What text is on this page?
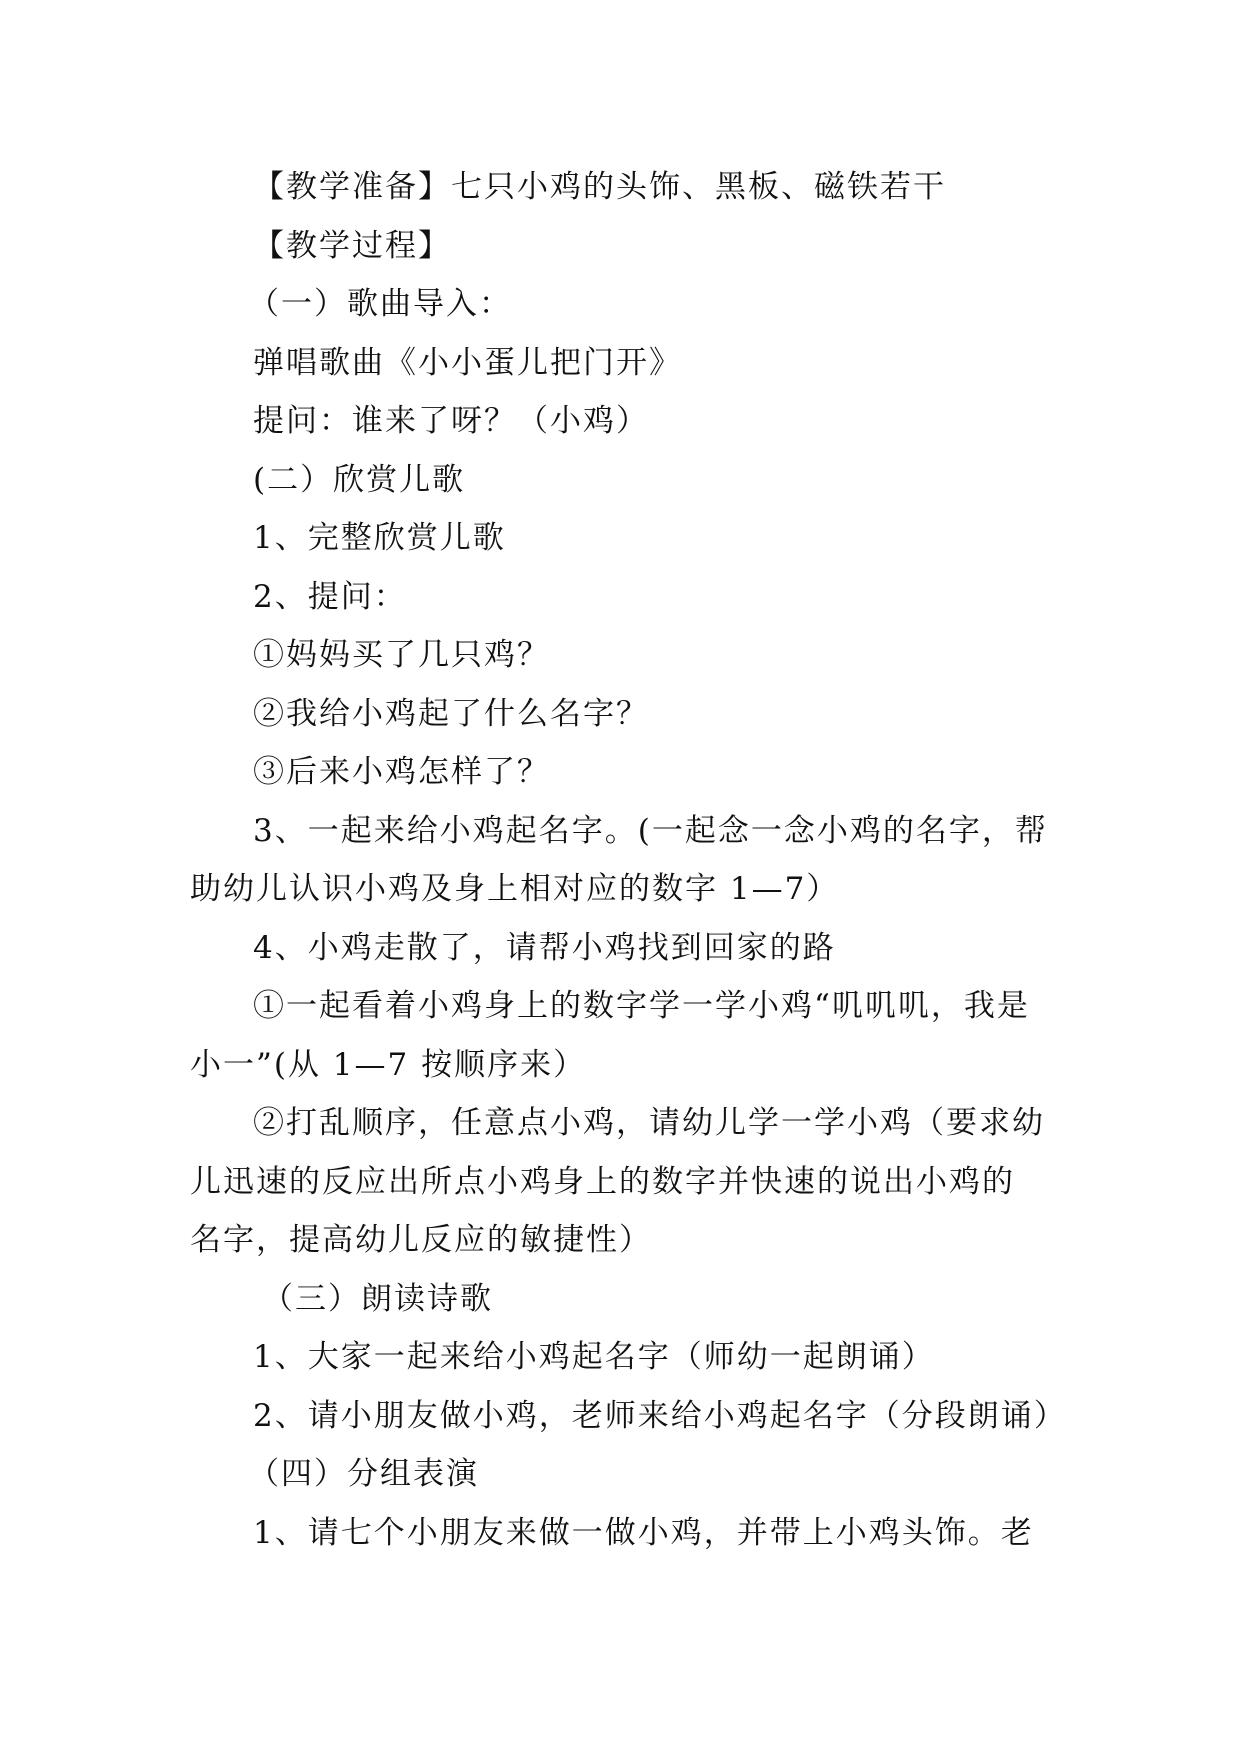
【教学准备】七只小鸡的头饰、黑板、磁铁若干
【教学过程】
（一）歌曲导入：
弹唱歌曲《小小蛋儿把门开》
提问：谁来了呀？（小鸡）
(二）欣赏儿歌
1、完整欣赏儿歌
2、提问：
①妈妈买了几只鸡？
②我给小鸡起了什么名字？
③后来小鸡怎样了？
3、一起来给小鸡起名字。(一起念一念小鸡的名字，帮
助幼儿认识小鸡及身上相对应的数字 1—7）
4、小鸡走散了，请帮小鸡找到回家的路
①一起看着小鸡身上的数字学一学小鸡“叽叽叽，我是
小一”(从 1—7 按顺序来）
②打乱顺序，任意点小鸡，请幼儿学一学小鸡（要求幼
儿迅速的反应出所点小鸡身上的数字并快速的说出小鸡的
名字，提高幼儿反应的敏捷性）
（三）朗读诗歌
1、大家一起来给小鸡起名字（师幼一起朗诵）
2、请小朋友做小鸡，老师来给小鸡起名字（分段朗诵）
（四）分组表演
1、请七个小朋友来做一做小鸡，并带上小鸡头饰。老
